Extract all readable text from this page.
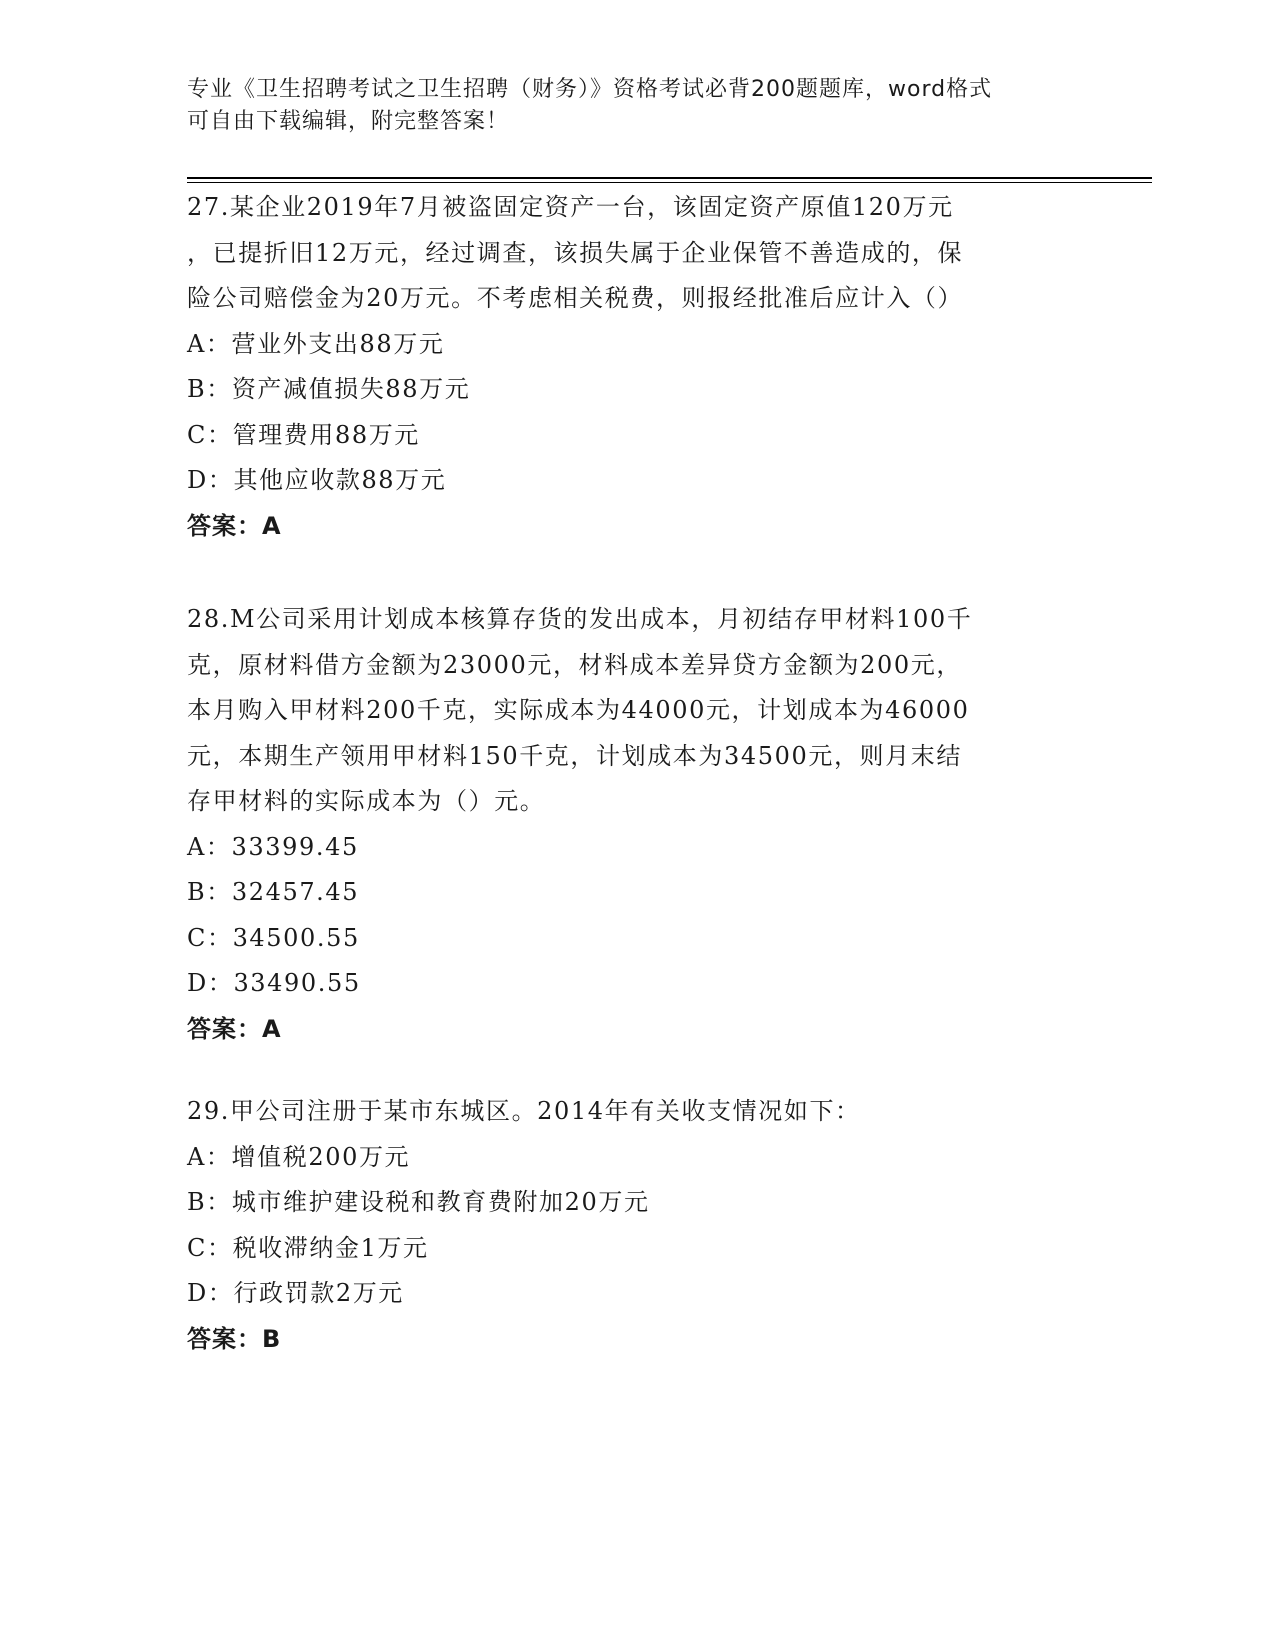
专业《卫生招聘考试之卫生招聘（财务）》资格考试必背200题题库，word格式
可自由下载编辑，附完整答案！
27.某企业2019年7月被盗固定资产一台，该固定资产原值120万元
，已提折旧12万元，经过调查，该损失属于企业保管不善造成的，保
险公司赔偿金为20万元。不考虑相关税费，则报经批准后应计入（）
A：营业外支出88万元
B：资产减值损失88万元
C：管理费用88万元
D：其他应收款88万元
答案：A
28.M公司采用计划成本核算存货的发出成本，月初结存甲材料100千
克，原材料借方金额为23000元，材料成本差异贷方金额为200元，
本月购入甲材料200千克，实际成本为44000元，计划成本为46000
元，本期生产领用甲材料150千克，计划成本为34500元，则月末结
存甲材料的实际成本为（）元。
A：33399.45
B：32457.45
C：34500.55
D：33490.55
答案：A
29.甲公司注册于某市东城区。2014年有关收支情况如下：
A：增值税200万元
B：城市维护建设税和教育费附加20万元
C：税收滞纳金1万元
D：行政罚款2万元
答案：B
